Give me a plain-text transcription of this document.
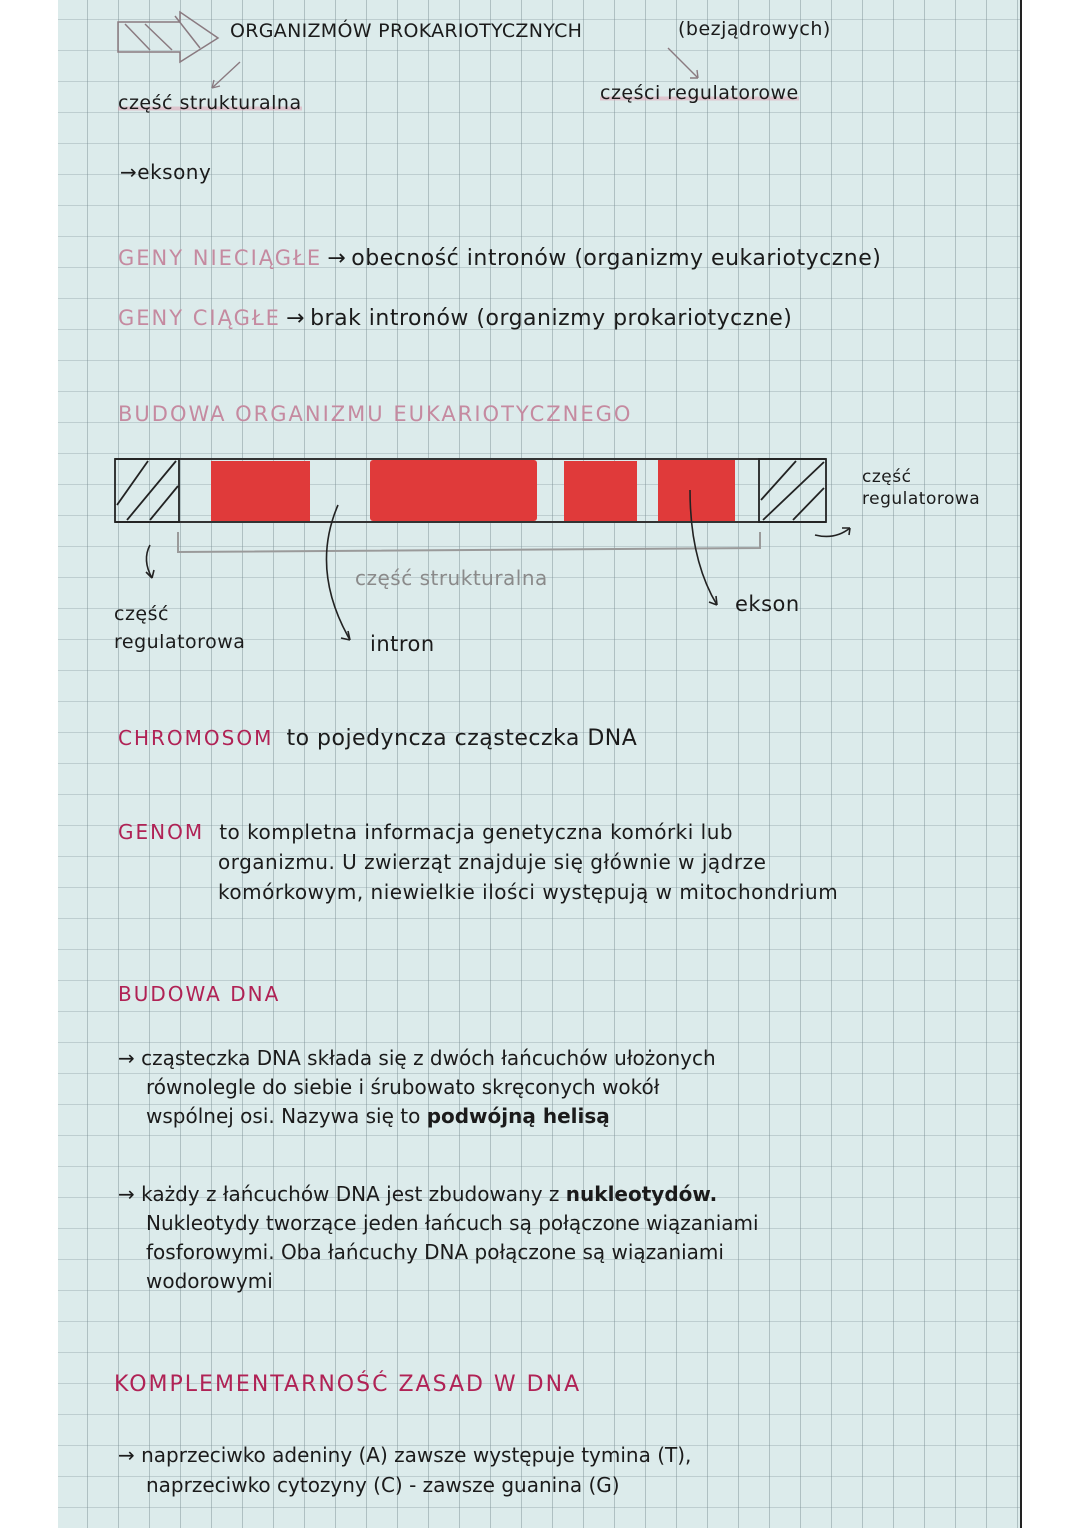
ORGANIZMÓW PROKARIOTYCZNYCH	(bezjądrowych)
część strukturalna	części regulatorowe
→eksony
GENY NIECIĄGŁE → obecność intronów (organizmy eukariotyczne)
GENY CIĄGŁE → brak intronów (organizmy prokariotyczne)
BUDOWA ORGANIZMU EUKARIOTYCZNEGO
część
regulatorowa
część strukturalna
ekson
część
regulatorowa	intron
CHROMOSOM to pojedyncza cząsteczka DNA
GENOM to kompletna informacja genetyczna komórki lub
organizmu. U zwierząt znajduje się głównie w jądrze
komórkowym, niewielkie ilości występują w mitochondrium
BUDOWA DNA
→ cząsteczka DNA składa się z dwóch łańcuchów ułożonych
równolegle do siebie i śrubowato skręconych wokół
wspólnej osi. Nazywa się to podwójną helisą
→ każdy z łańcuchów DNA jest zbudowany z nukleotydów.
Nukleotydy tworzące jeden łańcuch są połączone wiązaniami
fosforowymi. Oba łańcuchy DNA połączone są wiązaniami
wodorowymi
KOMPLEMENTARNOŚĆ ZASAD W DNA
→ naprzeciwko adeniny (A) zawsze występuje tymina (T),
naprzeciwko cytozyny (C) - zawsze guanina (G)
